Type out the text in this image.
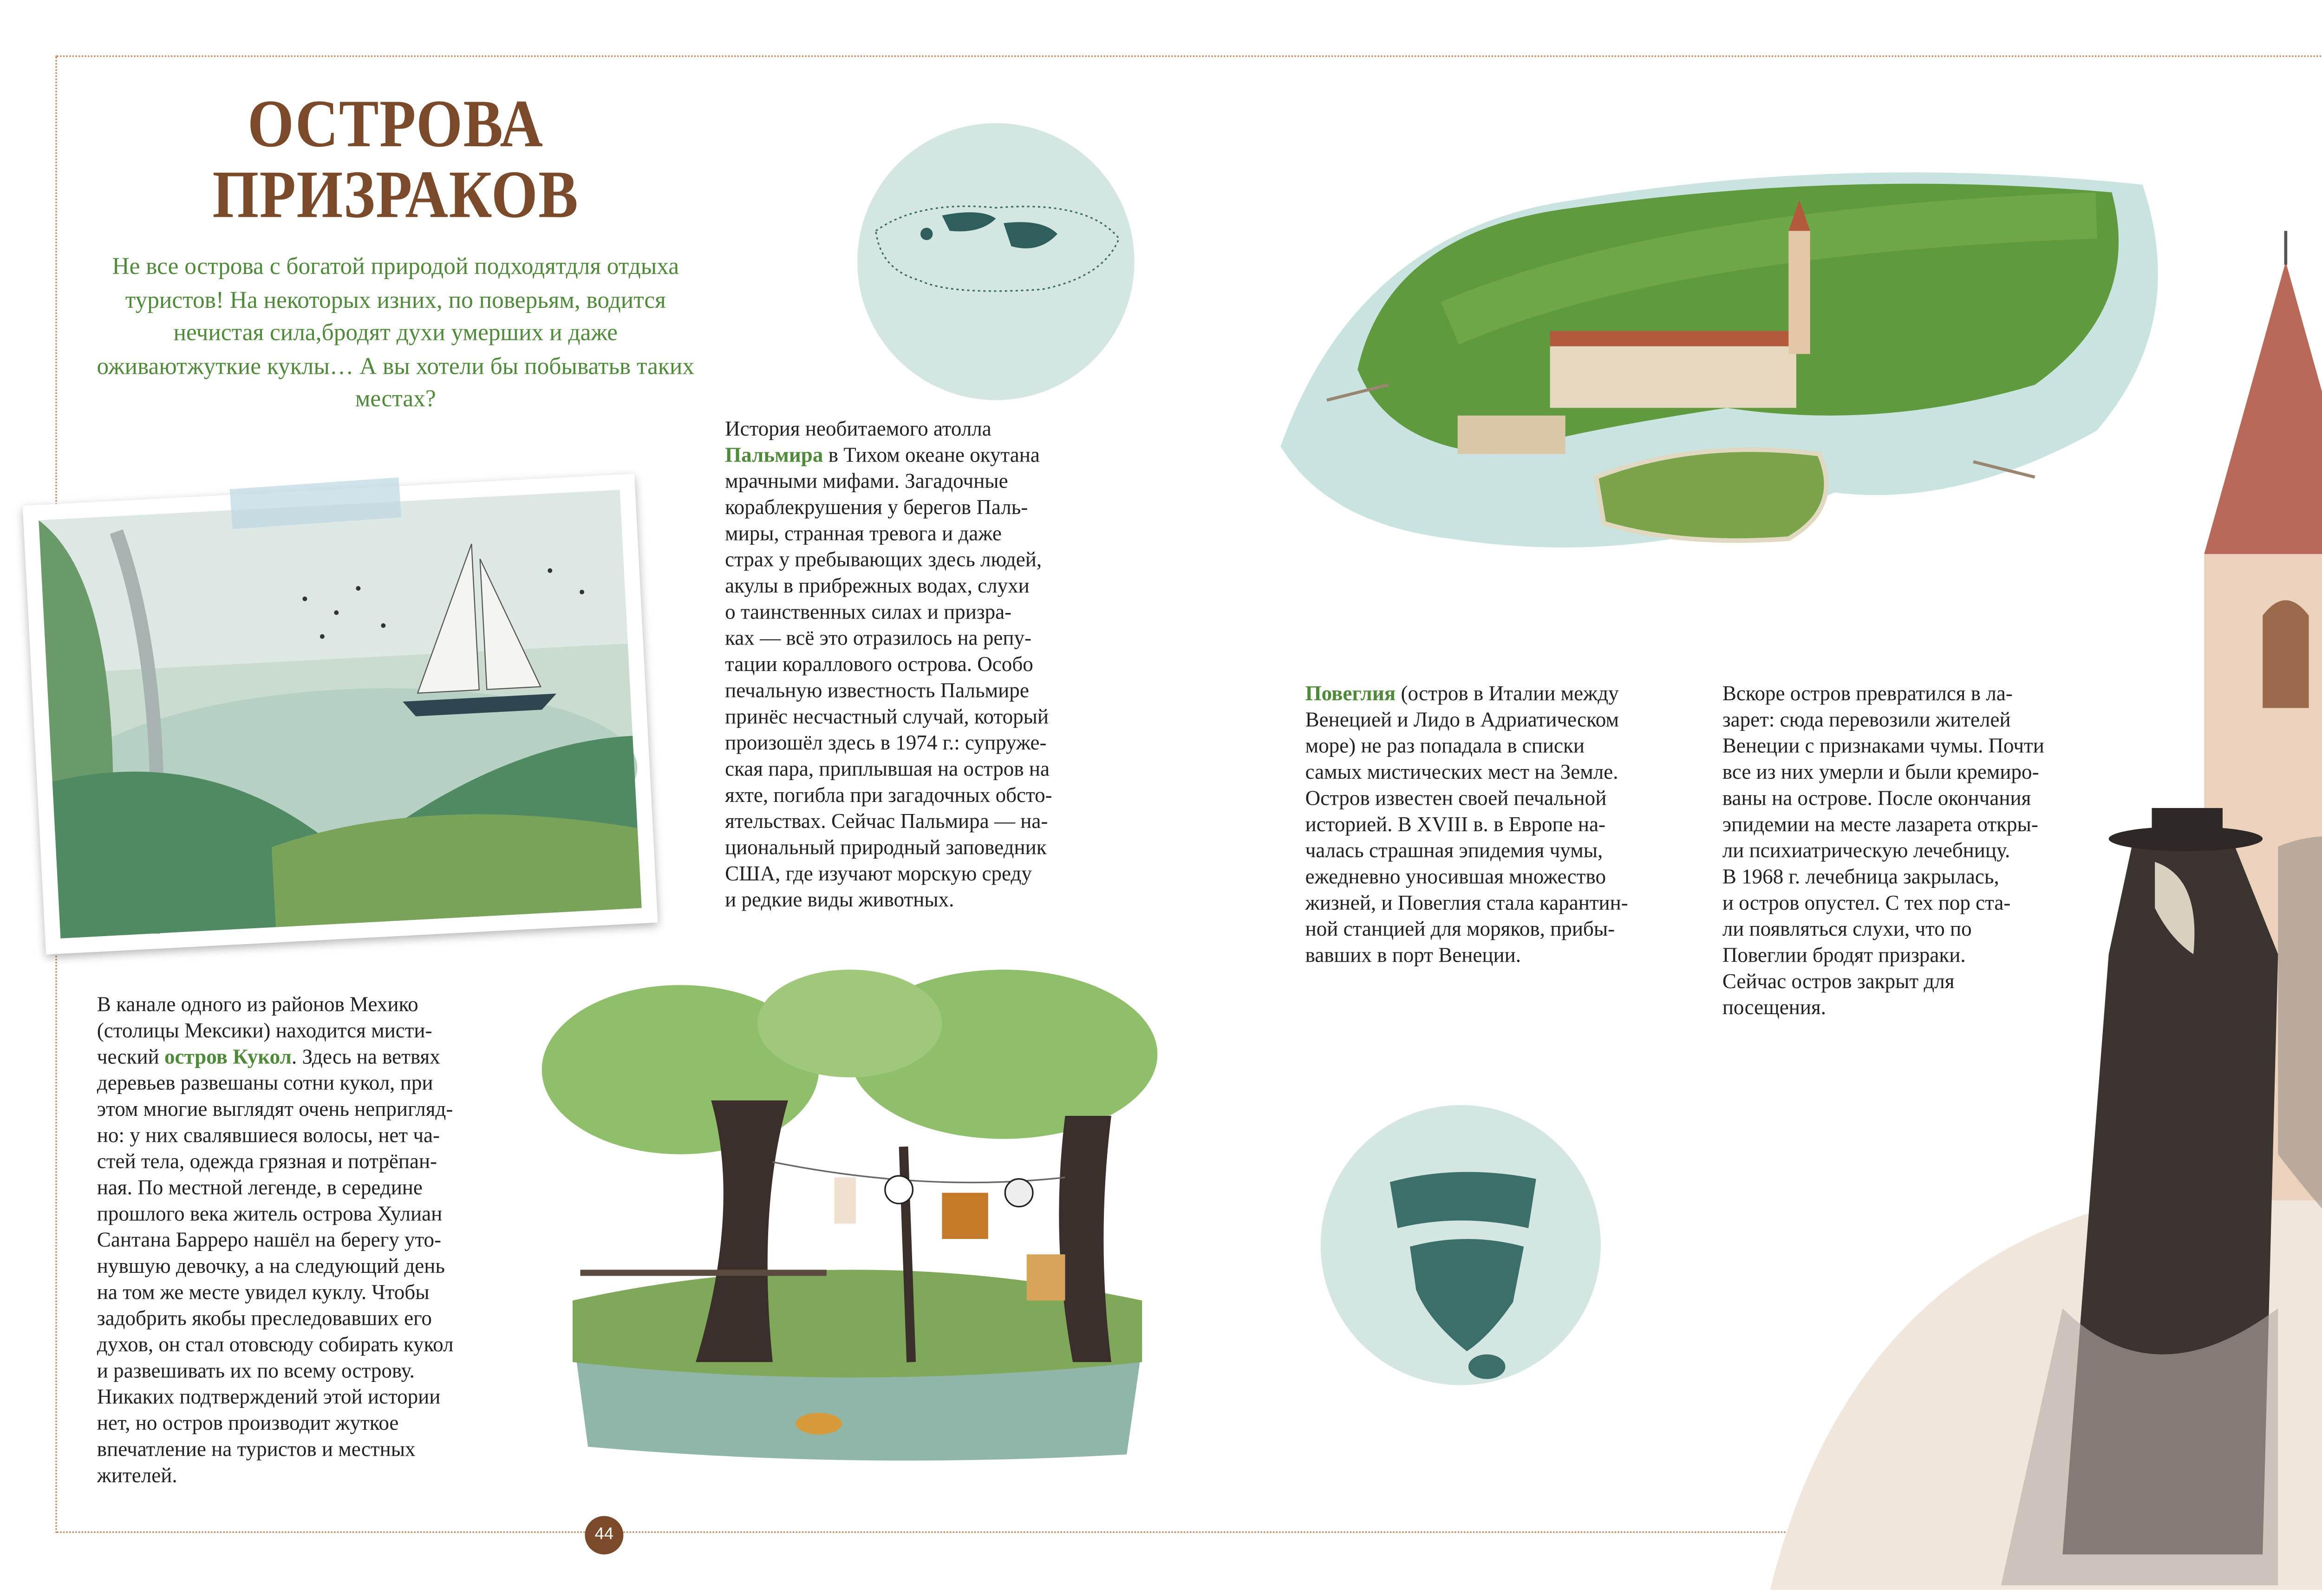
ОСТРОВА
ПРИЗРАКОВ
Не все острова с богатой природой подходятдля отдыха туристов! На некоторых изних, по поверьям, водится нечистая сила,бродят духи умерших и даже оживаютжуткие куклы… А вы хотели бы побыватьв таких местах?
История необитаемого атолла
Пальмира в Тихом океане окутана
мрачными мифами. Загадочные
кораблекрушения у берегов Паль-
миры, странная тревога и даже
страх у пребывающих здесь людей,
акулы в прибрежных водах, слухи
о таинственных силах и призра-
ках — всё это отразилось на репу-
тации кораллового острова. Особо
печальную известность Пальмире
принёс несчастный случай, который
произошёл здесь в 1974 г.: супруже-
ская пара, приплывшая на остров на
яхте, погибла при загадочных обсто-
ятельствах. Сейчас Пальмира — на-
циональный природный заповедник
США, где изучают морскую среду
и редкие виды животных.
Повеглия (остров в Италии между
Венецией и Лидо в Адриатическом
море) не раз попадала в списки
самых мистических мест на Земле.
Остров известен своей печальной
историей. В XVIII в. в Европе на-
чалась страшная эпидемия чумы,
ежедневно уносившая множество
жизней, и Повеглия стала карантин-
ной станцией для моряков, прибы-
вавших в порт Венеции.
Вскоре остров превратился в ла-
зарет: сюда перевозили жителей
Венеции с признаками чумы. Почти
все из них умерли и были кремиро-
ваны на острове. После окончания
эпидемии на месте лазарета откры-
ли психиатрическую лечебницу.
В 1968 г. лечебница закрылась,
и остров опустел. С тех пор ста-
ли появляться слухи, что по
Повеглии бродят призраки.
Сейчас остров закрыт для
посещения.
В канале одного из районов Мехико
(столицы Мексики) находится мисти-
ческий остров Кукол. Здесь на ветвях
деревьев развешаны сотни кукол, при
этом многие выглядят очень непригляд-
но: у них свалявшиеся волосы, нет ча-
стей тела, одежда грязная и потрёпан-
ная. По местной легенде, в середине
прошлого века житель острова Хулиан
Сантана Барреро нашёл на берегу уто-
нувшую девочку, а на следующий день
на том же месте увидел куклу. Чтобы
задобрить якобы преследовавших его
духов, он стал отовсюду собирать кукол
и развешивать их по всему острову.
Никаких подтверждений этой истории
нет, но остров производит жуткое
впечатление на туристов и местных
жителей.
44
